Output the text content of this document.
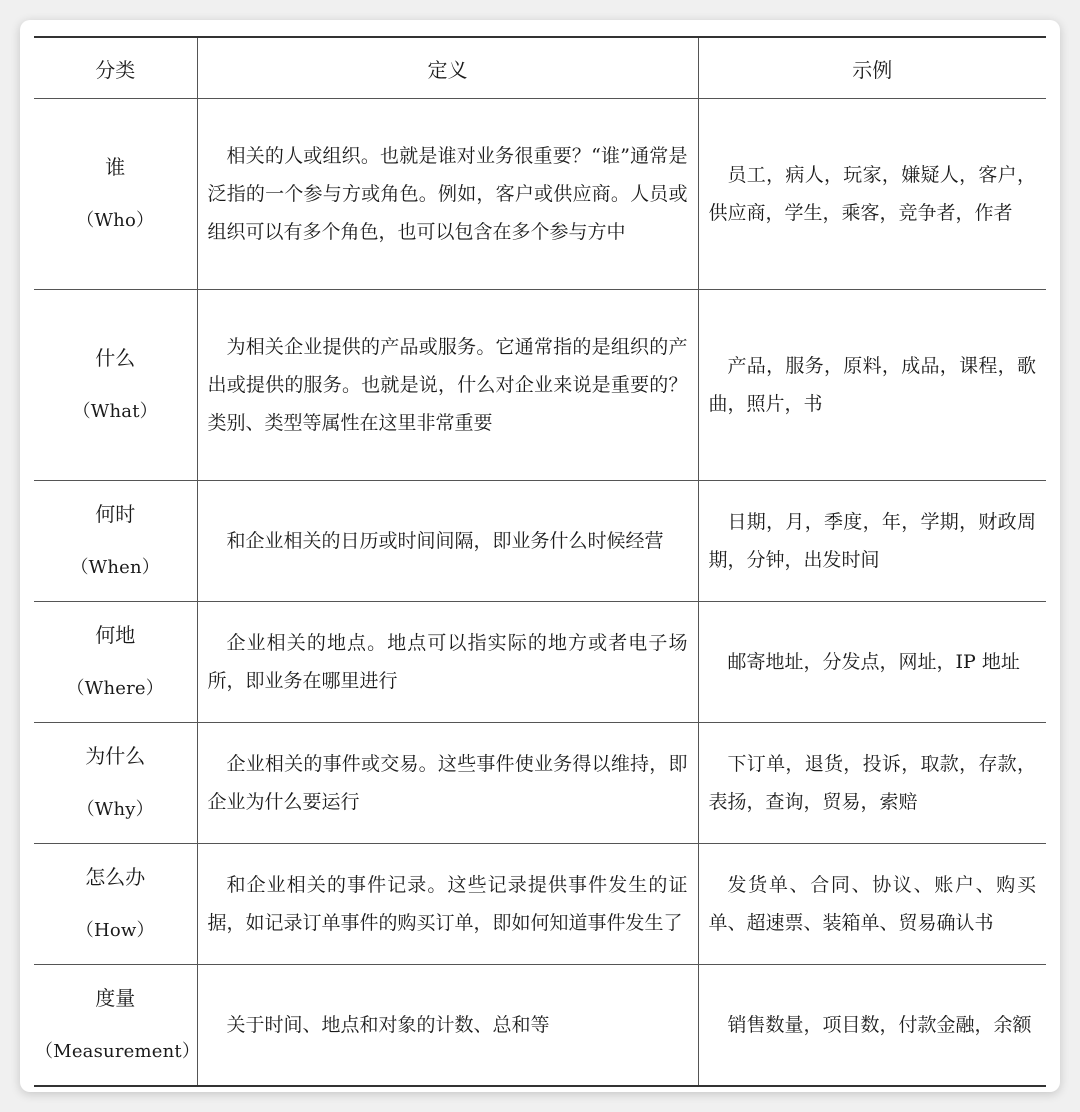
分类	定义	示例

谁
（Who）	相关的人或组织。也就是谁对业务很重要？“谁”通常是泛指的一个参与方或角色。例如，客户或供应商。人员或组织可以有多个角色，也可以包含在多个参与方中	员工，病人，玩家，嫌疑人，客户，供应商，学生，乘客，竞争者，作者

什么
（What）	为相关企业提供的产品或服务。它通常指的是组织的产出或提供的服务。也就是说，什么对企业来说是重要的？类别、类型等属性在这里非常重要	产品，服务，原料，成品，课程，歌曲，照片，书

何时
（When）	和企业相关的日历或时间间隔，即业务什么时候经营	日期，月，季度，年，学期，财政周期，分钟，出发时间

何地
（Where）	企业相关的地点。地点可以指实际的地方或者电子场所，即业务在哪里进行	邮寄地址，分发点，网址，IP 地址

为什么
（Why）	企业相关的事件或交易。这些事件使业务得以维持，即企业为什么要运行	下订单，退货，投诉，取款，存款，表扬，查询，贸易，索赔

怎么办
（How）	和企业相关的事件记录。这些记录提供事件发生的证据，如记录订单事件的购买订单，即如何知道事件发生了	发货单、合同、协议、账户、购买单、超速票、装箱单、贸易确认书

度量
（Measurement）	关于时间、地点和对象的计数、总和等	销售数量，项目数，付款金融，余额
